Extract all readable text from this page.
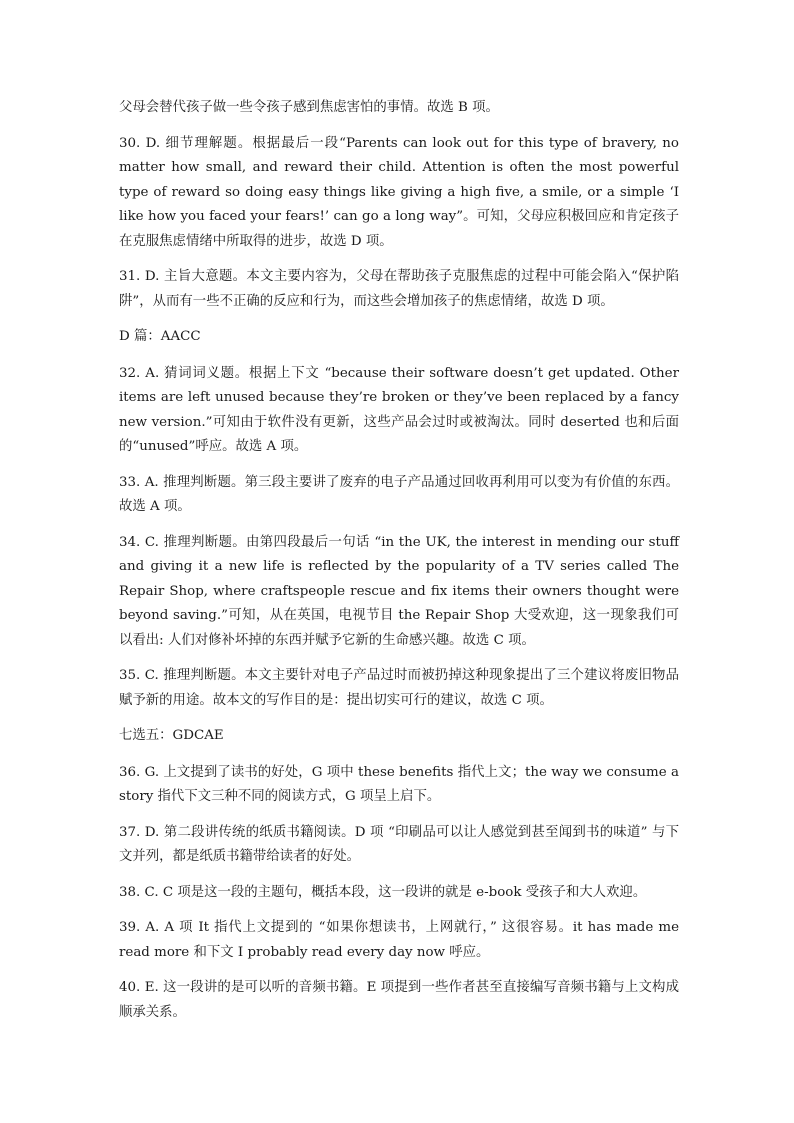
父母会替代孩子做一些令孩子感到焦虑害怕的事情。故选 B 项。

30. D. 细节理解题。根据最后一段“Parents can look out for this type of bravery, no matter how small, and reward their child. Attention is often the most powerful type of reward so doing easy things like giving a high five, a smile, or a simple ‘I like how you faced your fears!’ can go a long way”。可知，父母应积极回应和肯定孩子在克服焦虑情绪中所取得的进步，故选 D 项。

31. D. 主旨大意题。本文主要内容为，父母在帮助孩子克服焦虑的过程中可能会陷入“保护陷阱”，从而有一些不正确的反应和行为，而这些会增加孩子的焦虑情绪，故选 D 项。

D 篇：AACC

32. A. 猜词词义题。根据上下文 “because their software doesn’t get updated. Other items are left unused because they’re broken or they’ve been replaced by a fancy new version.”可知由于软件没有更新，这些产品会过时或被淘汰。同时 deserted 也和后面的“unused”呼应。故选 A 项。

33. A. 推理判断题。第三段主要讲了废弃的电子产品通过回收再利用可以变为有价值的东西。故选 A 项。

34. C. 推理判断题。由第四段最后一句话 “in the UK, the interest in mending our stuff and giving it a new life is reflected by the popularity of a TV series called The Repair Shop, where craftspeople rescue and fix items their owners thought were beyond saving.”可知，从在英国，电视节目 the Repair Shop 大受欢迎，这一现象我们可以看出: 人们对修补坏掉的东西并赋予它新的生命感兴趣。故选 C 项。

35. C. 推理判断题。本文主要针对电子产品过时而被扔掉这种现象提出了三个建议将废旧物品赋予新的用途。故本文的写作目的是：提出切实可行的建议，故选 C 项。

七选五：GDCAE

36. G. 上文提到了读书的好处，G 项中 these benefits 指代上文；the way we consume a story 指代下文三种不同的阅读方式，G 项呈上启下。

37. D. 第二段讲传统的纸质书籍阅读。D 项 “印刷品可以让人感觉到甚至闻到书的味道” 与下文并列，都是纸质书籍带给读者的好处。

38. C. C 项是这一段的主题句，概括本段，这一段讲的就是 e-book 受孩子和大人欢迎。

39. A. A 项 It 指代上文提到的 “如果你想读书，上网就行，” 这很容易。it has made me read more 和下文 I probably read every day now 呼应。

40. E. 这一段讲的是可以听的音频书籍。E 项提到一些作者甚至直接编写音频书籍与上文构成顺承关系。
